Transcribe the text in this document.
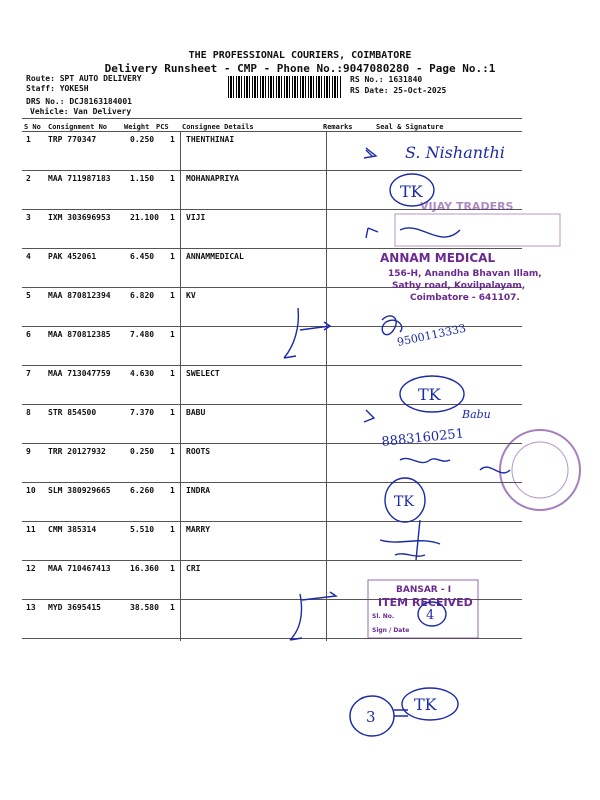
THE PROFESSIONAL COURIERS, COIMBATORE
Delivery Runsheet - CMP - Phone No.:9047080280 - Page No.:1
Route: SPT AUTO DELIVERY
Staff: YOKESH
DRS No.: DCJ8163184001
Vehicle: Van Delivery
RS No.: 1631840
RS Date: 25-Oct-2025
S No Consignment No Weight PCS Consignee Details	Remarks	Seal & Signature
1 TRP 770347	0.250 1 THENTHINAI
2 MAA 711987183 1.150 1 MOHANAPRIYA
3 IXM 303696953 21.100 1 VIJI
4 PAK 452061	6.450 1 ANNAMMEDICAL
5 MAA 870812394 6.820 1 KV
6 MAA 870812385 7.480 1
7 MAA 713047759 4.630 1 SWELECT
8 STR 854500	7.370 1 BABU
9 TRR 20127932	0.250 1 ROOTS
10 SLM 380929665 6.260 1 INDRA
11 CMM 385314	5.510 1 MARRY
12 MAA 710467413 16.360 1 CRI
13 MYD 3695415	38.580 1
S. Nishanthi
TK
VIJAY TRADERS
ANNAM MEDICAL
156-H, Anandha Bhavan Illam,
Sathy road, Kovilpalayam,
Coimbatore - 641107.
9500113333
TK
Babu
8883160251
TK
BANSAR - I
ITEM RECEIVED
Sl. No.
Sign / Date
4
3
TK
